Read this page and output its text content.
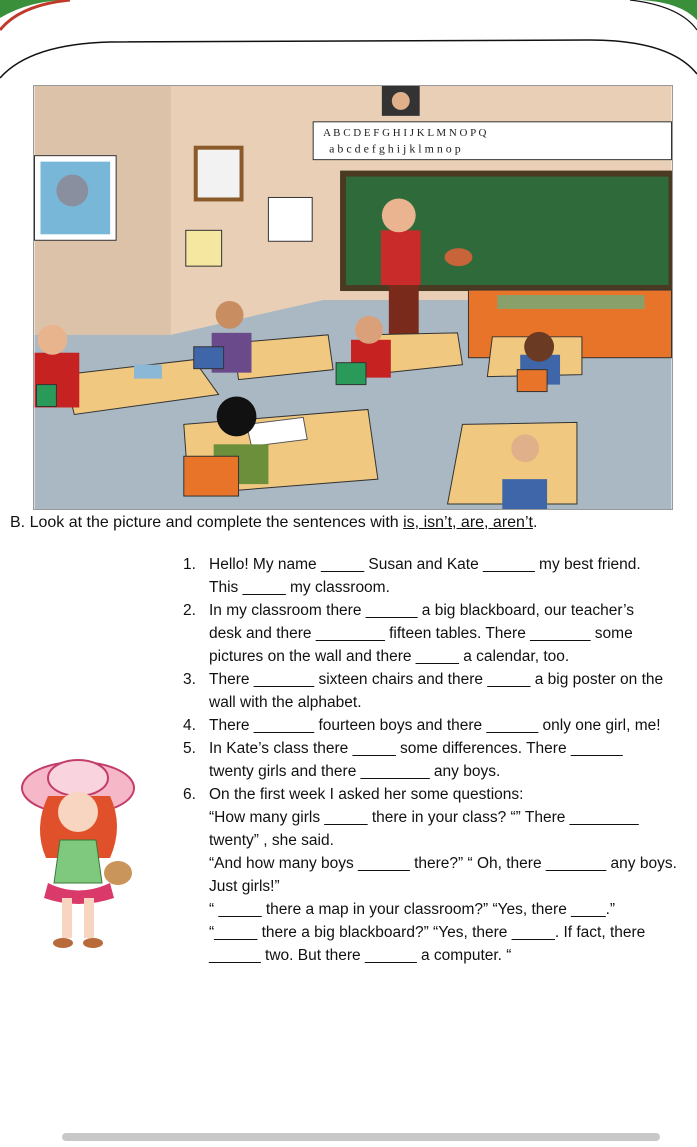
A B C D E F G H I J K L M N O P Q
a b c d e f g h i j k l m n o p
B. Look at the picture and complete the sentences with is, isn’t, are, aren’t.
1. Hello! My name _____ Susan and Kate ______ my best friend.
This _____ my classroom.
2. In my classroom there ______ a big blackboard, our teacher’s
desk and there ________ fifteen tables. There _______ some
pictures on the wall and there _____ a calendar, too.
3. There _______ sixteen chairs and there _____ a big poster on the
wall with the alphabet.
4. There _______ fourteen boys and there ______ only one girl, me!
5. In Kate’s class there _____ some differences. There ______
twenty girls and there ________ any boys.
6. On the first week I asked her some questions:
“How many girls _____ there in your class? “” There ________
twenty” , she said.
“And how many boys ______ there?” “ Oh, there _______ any boys.
Just girls!”
“ _____ there a map in your classroom?” “Yes, there ____.”
“_____ there a big blackboard?” “Yes, there _____. If fact, there
______ two. But there ______ a computer. “
